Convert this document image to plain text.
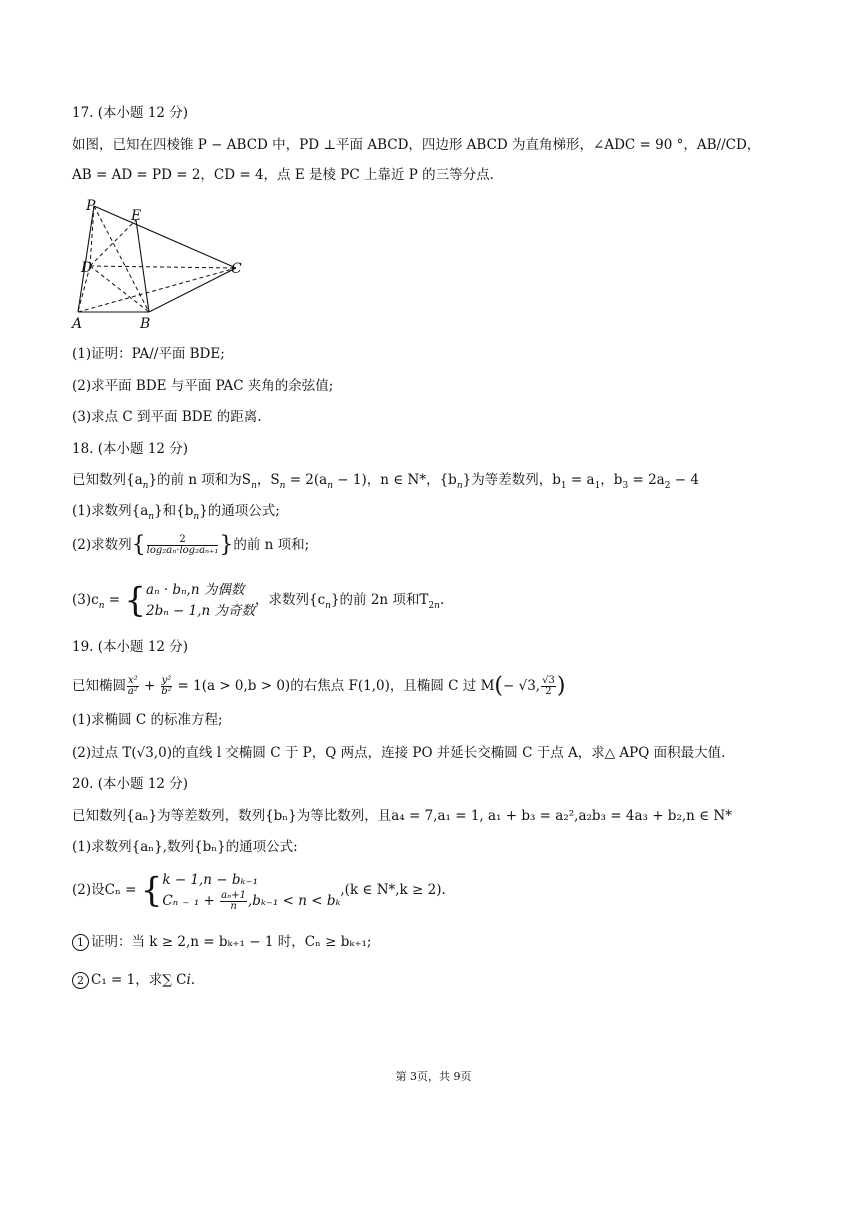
17. (本小题 12 分)
如图，已知在四棱锥 P − ABCD 中，PD ⊥平面 ABCD，四边形 ABCD 为直角梯形，∠ADC = 90 °，AB//CD，
AB = AD = PD = 2，CD = 4，点 E 是棱 PC 上靠近 P 的三等分点.
P
E
D	C
A	B
(1)证明：PA//平面 BDE;
(2)求平面 BDE 与平面 PAC 夹角的余弦值;
(3)求点 C 到平面 BDE 的距离.
18. (本小题 12 分)
已知数列$\{a_n\}$的前 n 项和为$S_n$，$S_n = 2(a_n - 1)$，n ∈ N*，$\{b_n\}$为等差数列，$b_1 = a_1$，$b_3 = 2a_2 - 4$
(1)求数列$\{a_n\}$和$\{b_n\}$的通项公式;
(2)求数列{ $\frac{2}{\text{log₂aₙ·log₂aₙ₊₁}}$ }的前 n 项和;
$(3)c_n$ = { aₙ · bₙ,n 为偶数
2bₙ − 1,n 为奇数
，求数列$\{c_n\}$的前 2n 项和$T_{2n}$.
19. (本小题 12 分)
已知椭圆 $\frac{\text{x²}}{\text{a²}} + \frac{\text{y²}}{\text{b²}} = 1(a > 0,b > 0)$的右焦点 F(1,0)，且椭圆 C 过 M(− √3, $\frac{√3}{2}$ )
(1)求椭圆 C 的标准方程;
(2)过点 T(√3,0)的直线 l 交椭圆 C 于 P，Q 两点，连接 PO 并延长交椭圆 C 于点 A，求△ APQ 面积最大值.
20. (本小题 12 分)
已知数列{aₙ}为等差数列，数列{bₙ}为等比数列，且a₄ = 7,a₁ = 1, a₁ + b₃ = a₂²,a₂b₃ = 4a₃ + b₂,n ∈ N*
(1)求数列{aₙ},数列{bₙ}的通项公式:
(2)设Cₙ = { k − 1,n − bₖ₋₁
Cₙ ₋ $_1 + \frac{\text{aₙ+1}}{n} ,b_{k-1} < n < b_k$
,(k ∈ N*,k ≥ 2).
1 证明：当 k ≥ 2,n = bₖ₊₁ − 1 时，Cₙ ≥ bₖ₊₁;
2 C₁ = 1，求∑ C𝑖.
第 3页，共 9页
